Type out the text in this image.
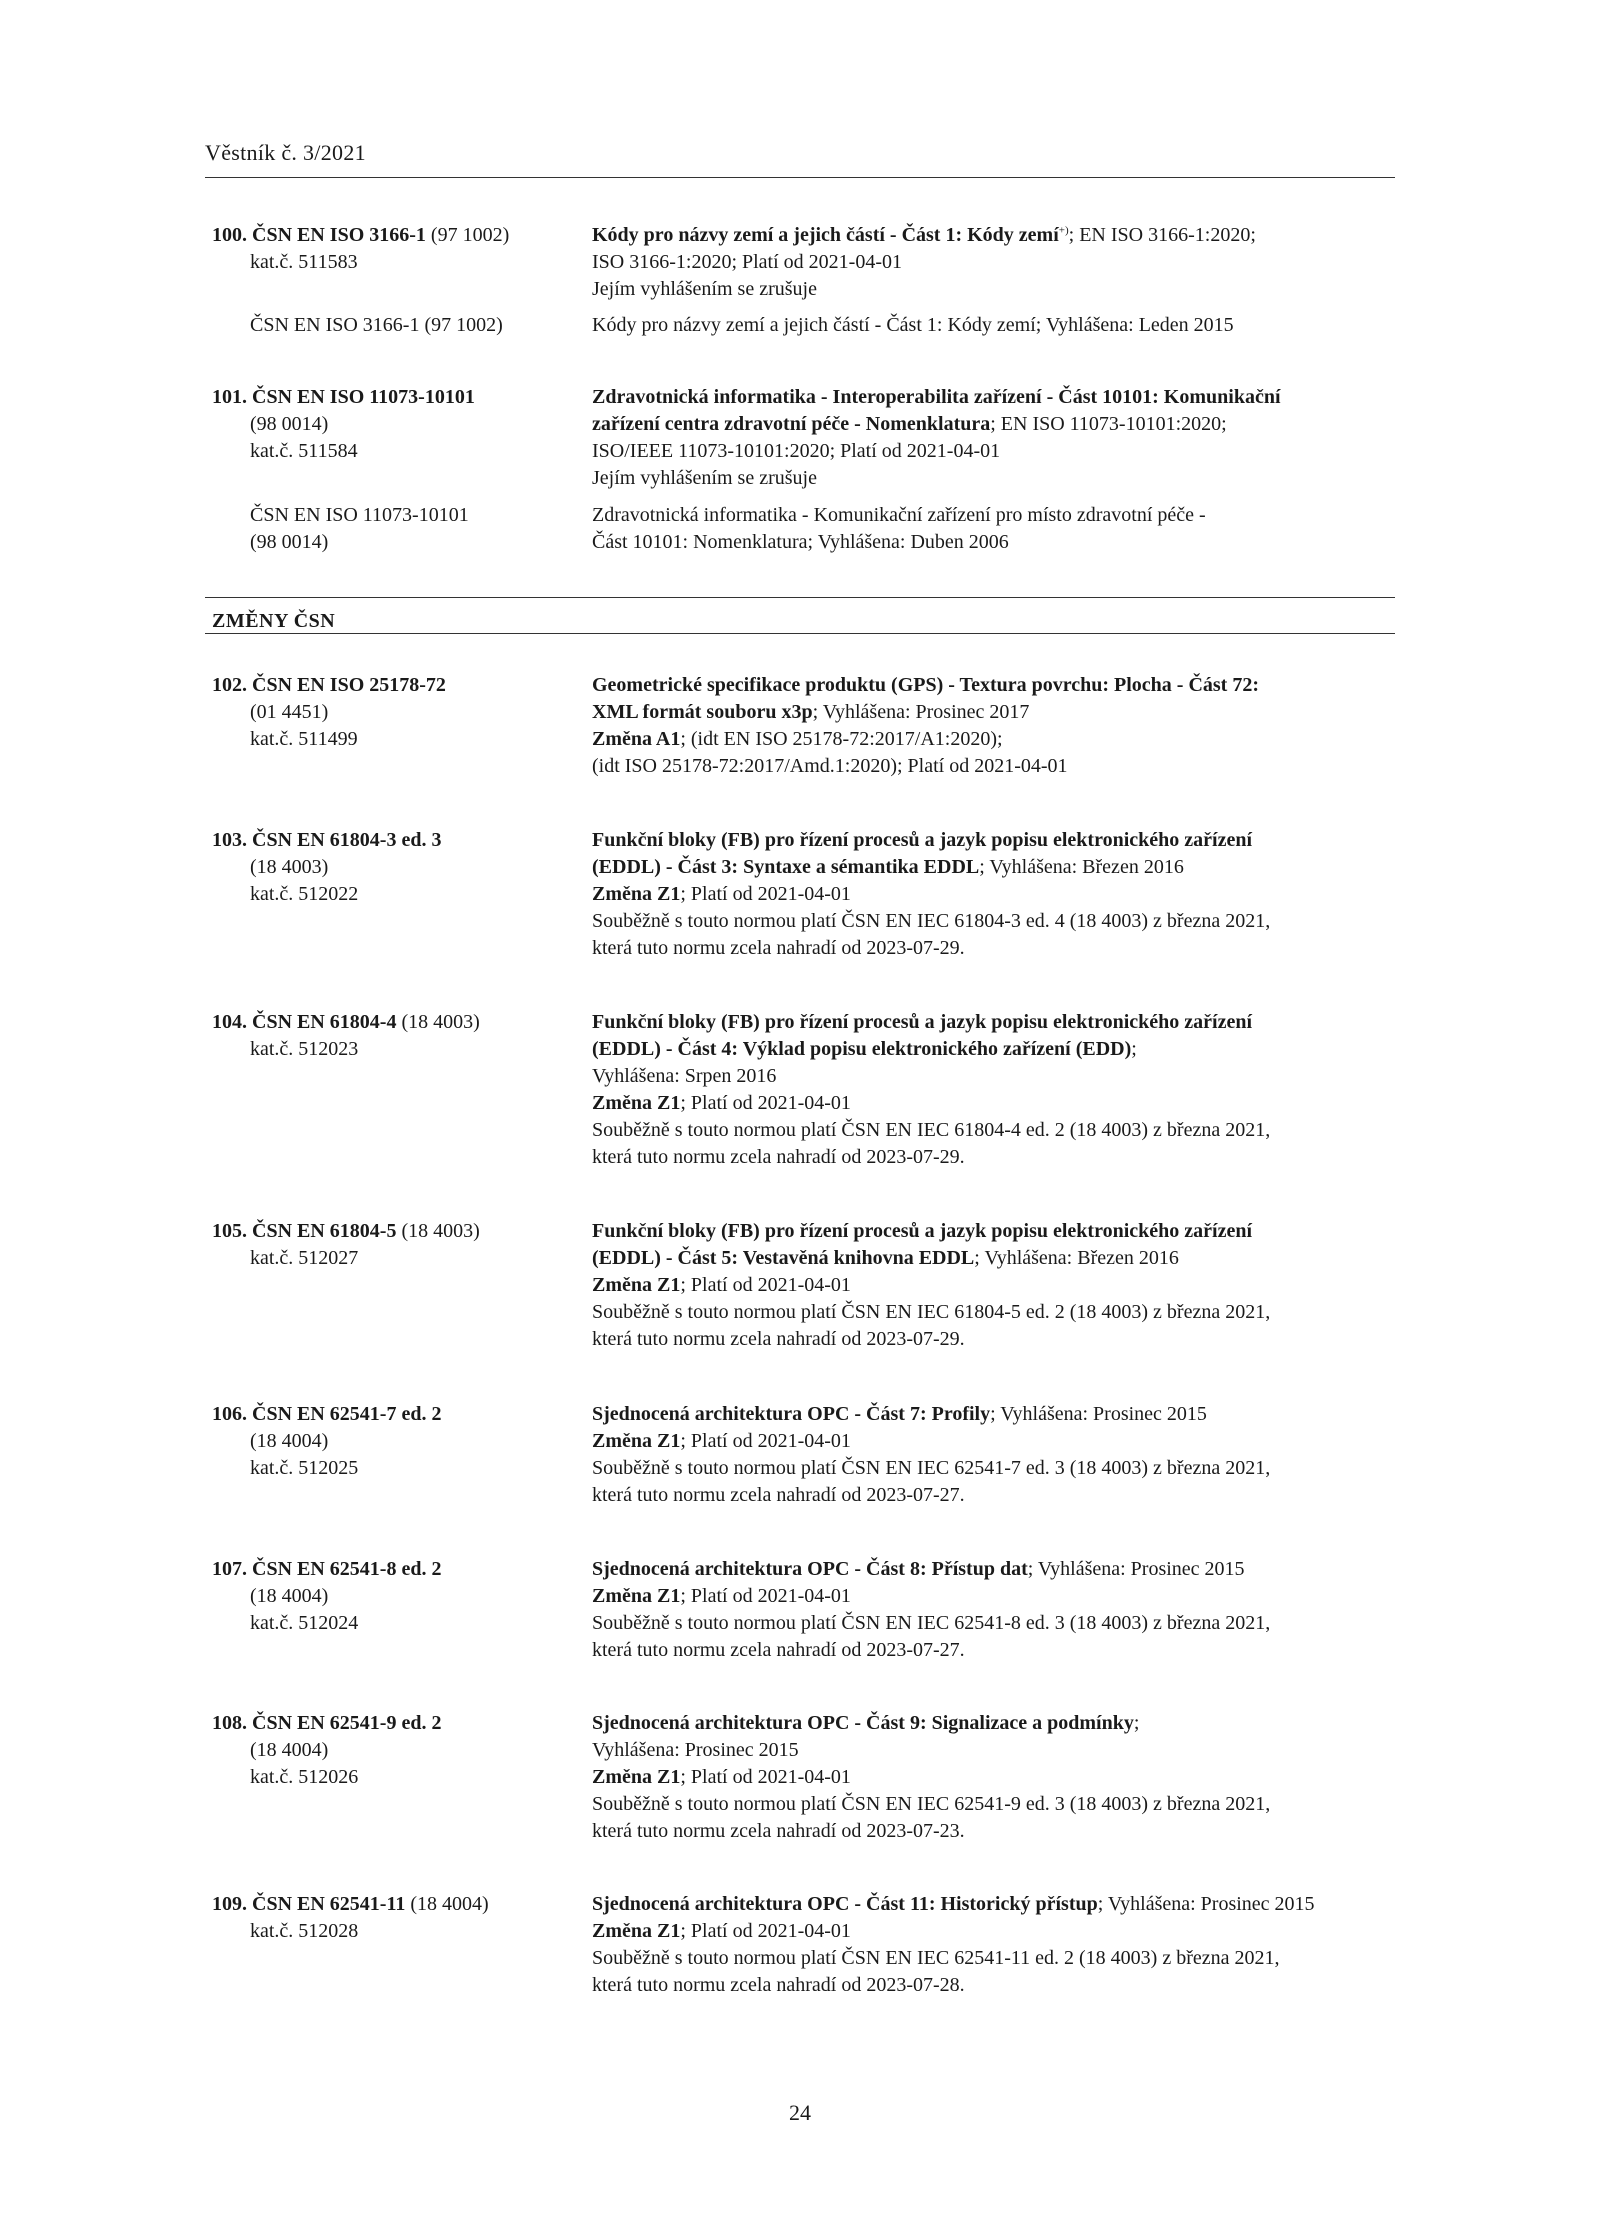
Věstník č. 3/2021
100. ČSN EN ISO 3166-1 (97 1002)
kat.č. 511583
Kódy pro názvy zemí a jejich částí - Část 1: Kódy zemí+); EN ISO 3166-1:2020;
ISO 3166-1:2020; Platí od 2021-04-01
Jejím vyhlášením se zrušuje
ČSN EN ISO 3166-1 (97 1002)	Kódy pro názvy zemí a jejich částí - Část 1: Kódy zemí; Vyhlášena: Leden 2015
101. ČSN EN ISO 11073-10101
(98 0014)
kat.č. 511584
Zdravotnická informatika - Interoperabilita zařízení - Část 10101: Komunikační
zařízení centra zdravotní péče - Nomenklatura; EN ISO 11073-10101:2020;
ISO/IEEE 11073-10101:2020; Platí od 2021-04-01
Jejím vyhlášením se zrušuje
ČSN EN ISO 11073-10101
(98 0014)
Zdravotnická informatika - Komunikační zařízení pro místo zdravotní péče -
Část 10101: Nomenklatura; Vyhlášena: Duben 2006
ZMĚNY ČSN
102. ČSN EN ISO 25178-72
(01 4451)
kat.č. 511499
Geometrické specifikace produktu (GPS) - Textura povrchu: Plocha - Část 72:
XML formát souboru x3p; Vyhlášena: Prosinec 2017
Změna A1; (idt EN ISO 25178-72:2017/A1:2020);
(idt ISO 25178-72:2017/Amd.1:2020); Platí od 2021-04-01
103. ČSN EN 61804-3 ed. 3
(18 4003)
kat.č. 512022
Funkční bloky (FB) pro řízení procesů a jazyk popisu elektronického zařízení
(EDDL) - Část 3: Syntaxe a sémantika EDDL; Vyhlášena: Březen 2016
Změna Z1; Platí od 2021-04-01
Souběžně s touto normou platí ČSN EN IEC 61804-3 ed. 4 (18 4003) z března 2021,
která tuto normu zcela nahradí od 2023-07-29.
104. ČSN EN 61804-4 (18 4003)
kat.č. 512023
Funkční bloky (FB) pro řízení procesů a jazyk popisu elektronického zařízení
(EDDL) - Část 4: Výklad popisu elektronického zařízení (EDD);
Vyhlášena: Srpen 2016
Změna Z1; Platí od 2021-04-01
Souběžně s touto normou platí ČSN EN IEC 61804-4 ed. 2 (18 4003) z března 2021,
která tuto normu zcela nahradí od 2023-07-29.
105. ČSN EN 61804-5 (18 4003)
kat.č. 512027
Funkční bloky (FB) pro řízení procesů a jazyk popisu elektronického zařízení
(EDDL) - Část 5: Vestavěná knihovna EDDL; Vyhlášena: Březen 2016
Změna Z1; Platí od 2021-04-01
Souběžně s touto normou platí ČSN EN IEC 61804-5 ed. 2 (18 4003) z března 2021,
která tuto normu zcela nahradí od 2023-07-29.
106. ČSN EN 62541-7 ed. 2
(18 4004)
kat.č. 512025
Sjednocená architektura OPC - Část 7: Profily; Vyhlášena: Prosinec 2015
Změna Z1; Platí od 2021-04-01
Souběžně s touto normou platí ČSN EN IEC 62541-7 ed. 3 (18 4003) z března 2021,
která tuto normu zcela nahradí od 2023-07-27.
107. ČSN EN 62541-8 ed. 2
(18 4004)
kat.č. 512024
Sjednocená architektura OPC - Část 8: Přístup dat; Vyhlášena: Prosinec 2015
Změna Z1; Platí od 2021-04-01
Souběžně s touto normou platí ČSN EN IEC 62541-8 ed. 3 (18 4003) z března 2021,
která tuto normu zcela nahradí od 2023-07-27.
108. ČSN EN 62541-9 ed. 2
(18 4004)
kat.č. 512026
Sjednocená architektura OPC - Část 9: Signalizace a podmínky;
Vyhlášena: Prosinec 2015
Změna Z1; Platí od 2021-04-01
Souběžně s touto normou platí ČSN EN IEC 62541-9 ed. 3 (18 4003) z března 2021,
která tuto normu zcela nahradí od 2023-07-23.
109. ČSN EN 62541-11 (18 4004)
kat.č. 512028
Sjednocená architektura OPC - Část 11: Historický přístup; Vyhlášena: Prosinec 2015
Změna Z1; Platí od 2021-04-01
Souběžně s touto normou platí ČSN EN IEC 62541-11 ed. 2 (18 4003) z března 2021,
která tuto normu zcela nahradí od 2023-07-28.
24
